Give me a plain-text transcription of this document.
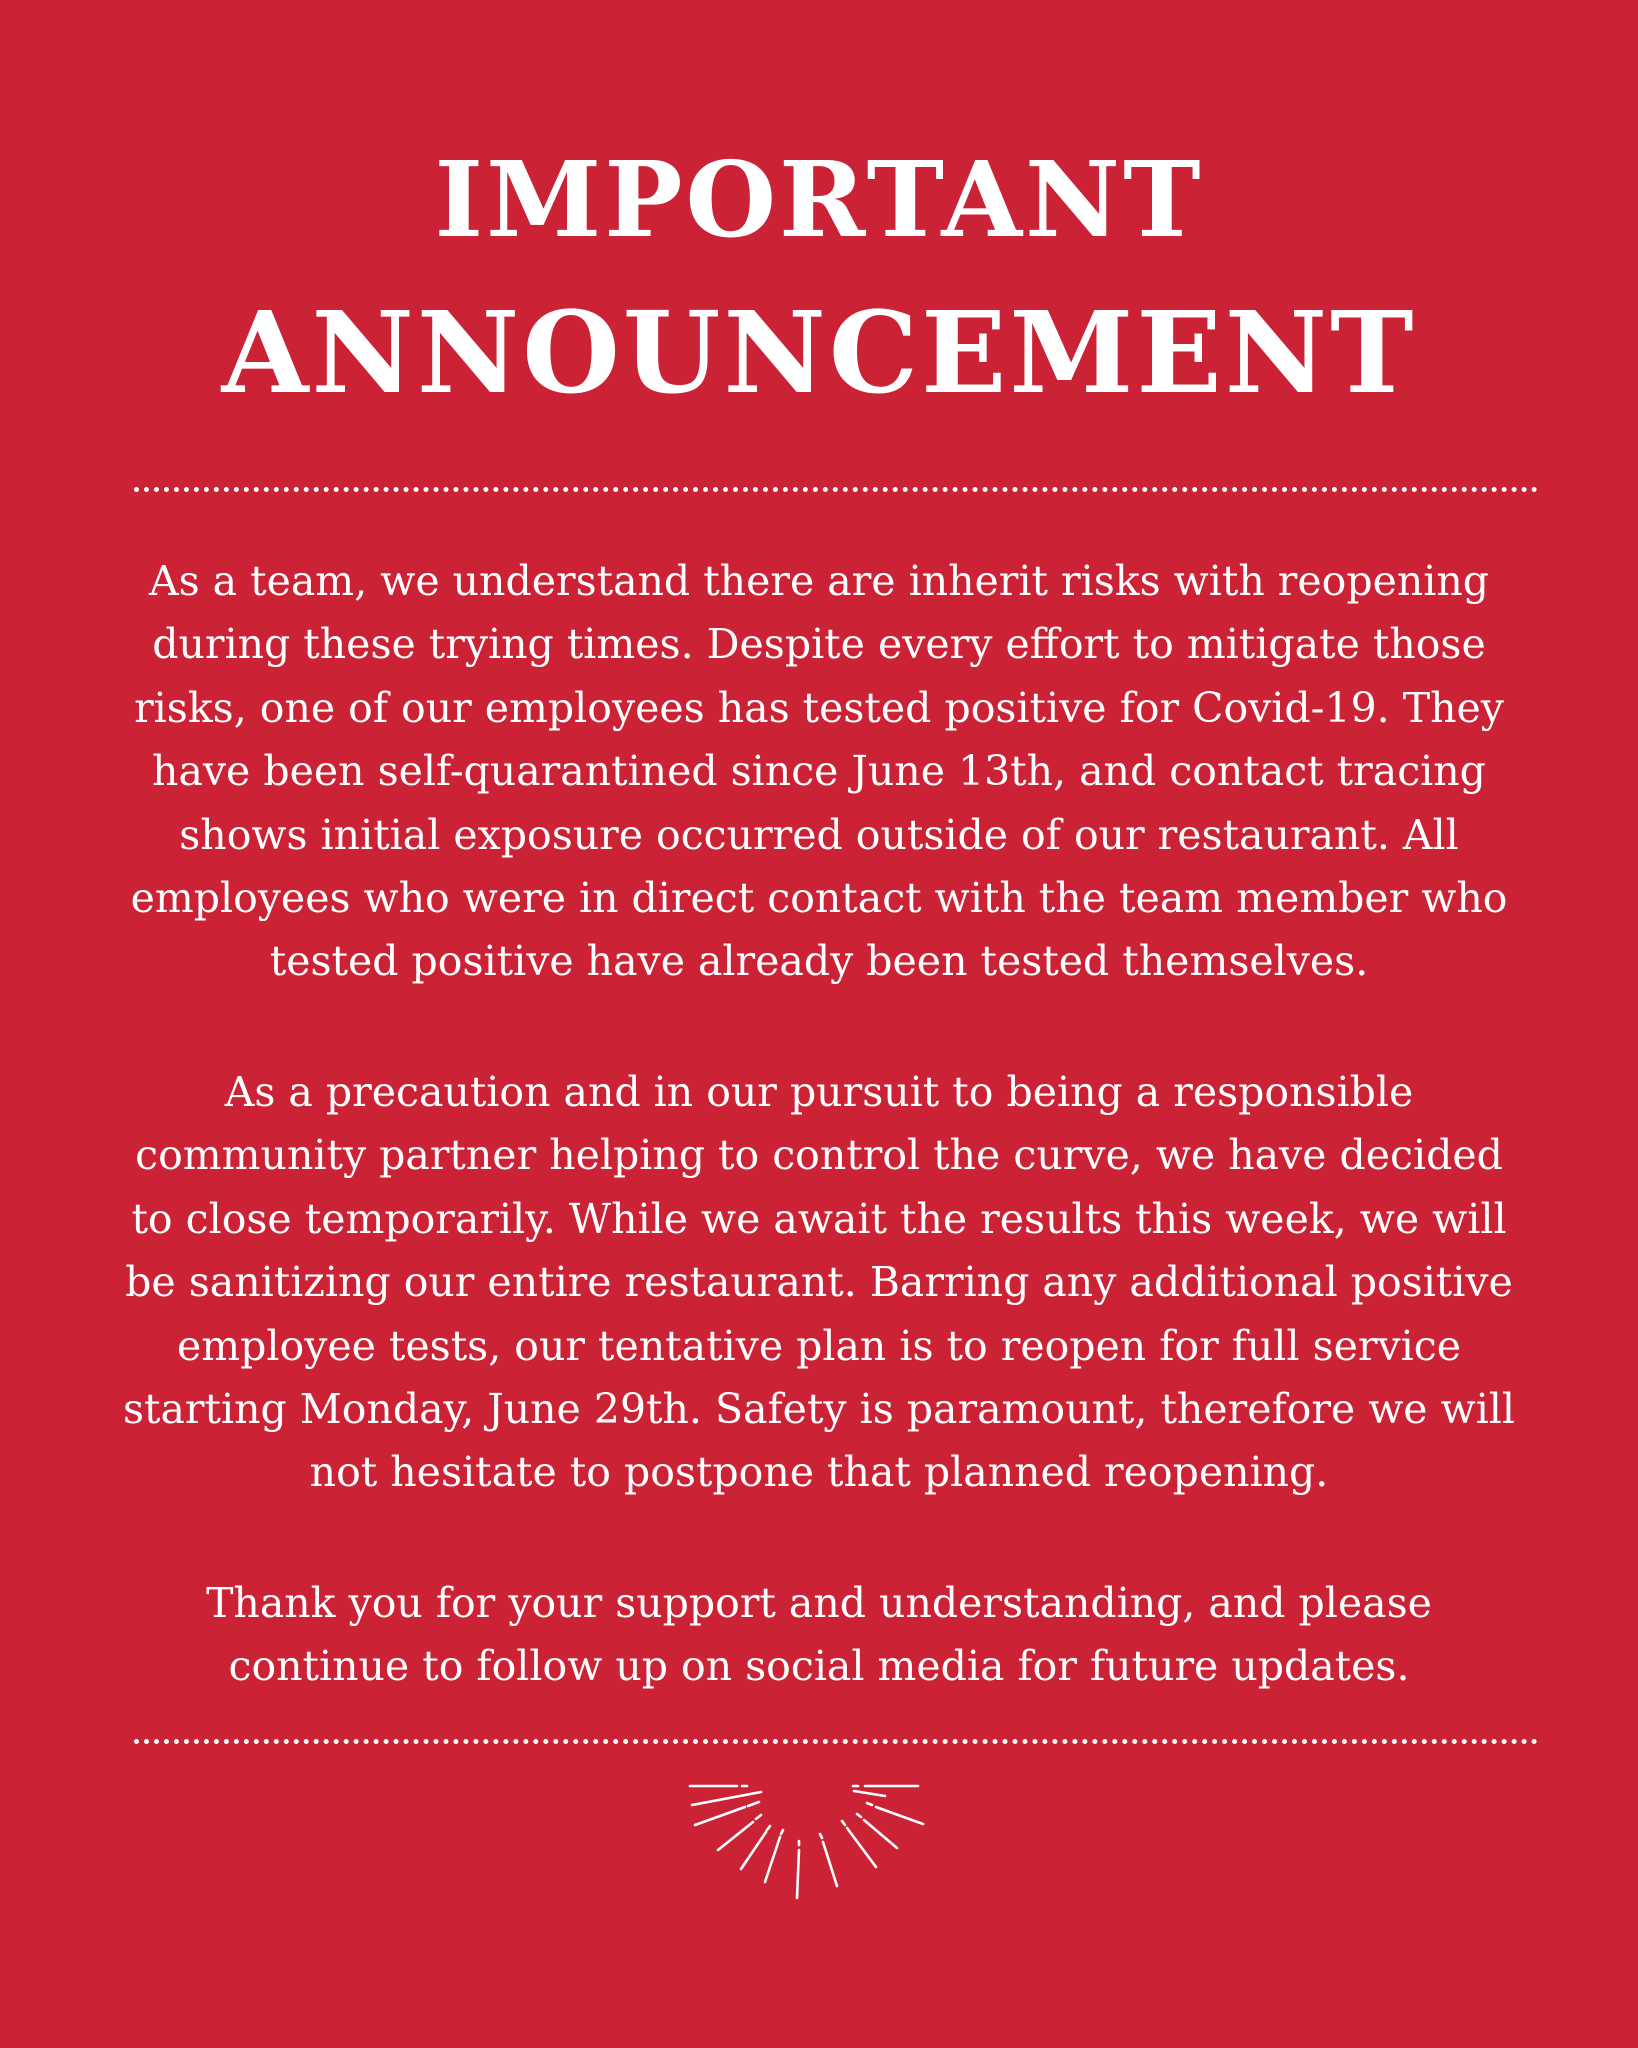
IMPORTANT
ANNOUNCEMENT

As a team, we understand there are inherit risks with reopening
during these trying times. Despite every effort to mitigate those
risks, one of our employees has tested positive for Covid-19. They
have been self-quarantined since June 13th, and contact tracing
shows initial exposure occurred outside of our restaurant. All
employees who were in direct contact with the team member who
tested positive have already been tested themselves.

As a precaution and in our pursuit to being a responsible
community partner helping to control the curve, we have decided
to close temporarily. While we await the results this week, we will
be sanitizing our entire restaurant. Barring any additional positive
employee tests, our tentative plan is to reopen for full service
starting Monday, June 29th. Safety is paramount, therefore we will
not hesitate to postpone that planned reopening.

Thank you for your support and understanding, and please
continue to follow up on social media for future updates.
